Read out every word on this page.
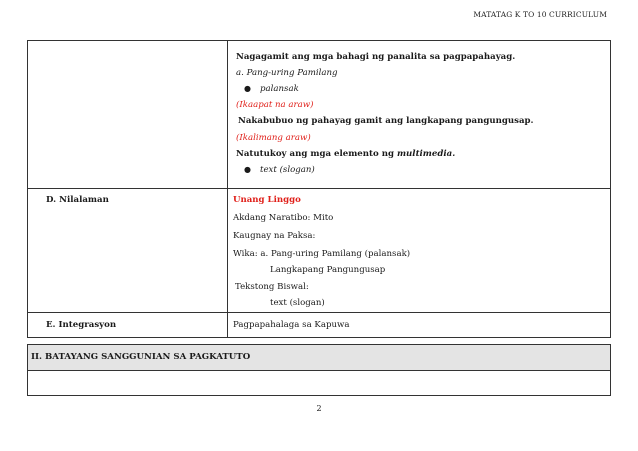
MATATAG K TO 10 CURRICULUM
Nagagamit ang mga bahagi ng panalita sa pagpapahayag.
a. Pang-uring Pamilang
● palansak
(Ikaapat na araw)
Nakabubuo ng pahayag gamit ang langkapang pangungusap.
(Ikalimang araw)
Natutukoy ang mga elemento ng multimedia.
● text (slogan)
D. Nilalaman	Unang Linggo
Akdang Naratibo: Mito
Kaugnay na Paksa:
Wika: a. Pang-uring Pamilang (palansak)
Langkapang Pangungusap
Tekstong Biswal:
text (slogan)
E. Integrasyon	Pagpapahalaga sa Kapuwa
II. BATAYANG SANGGUNIAN SA PAGKATUTO
2
